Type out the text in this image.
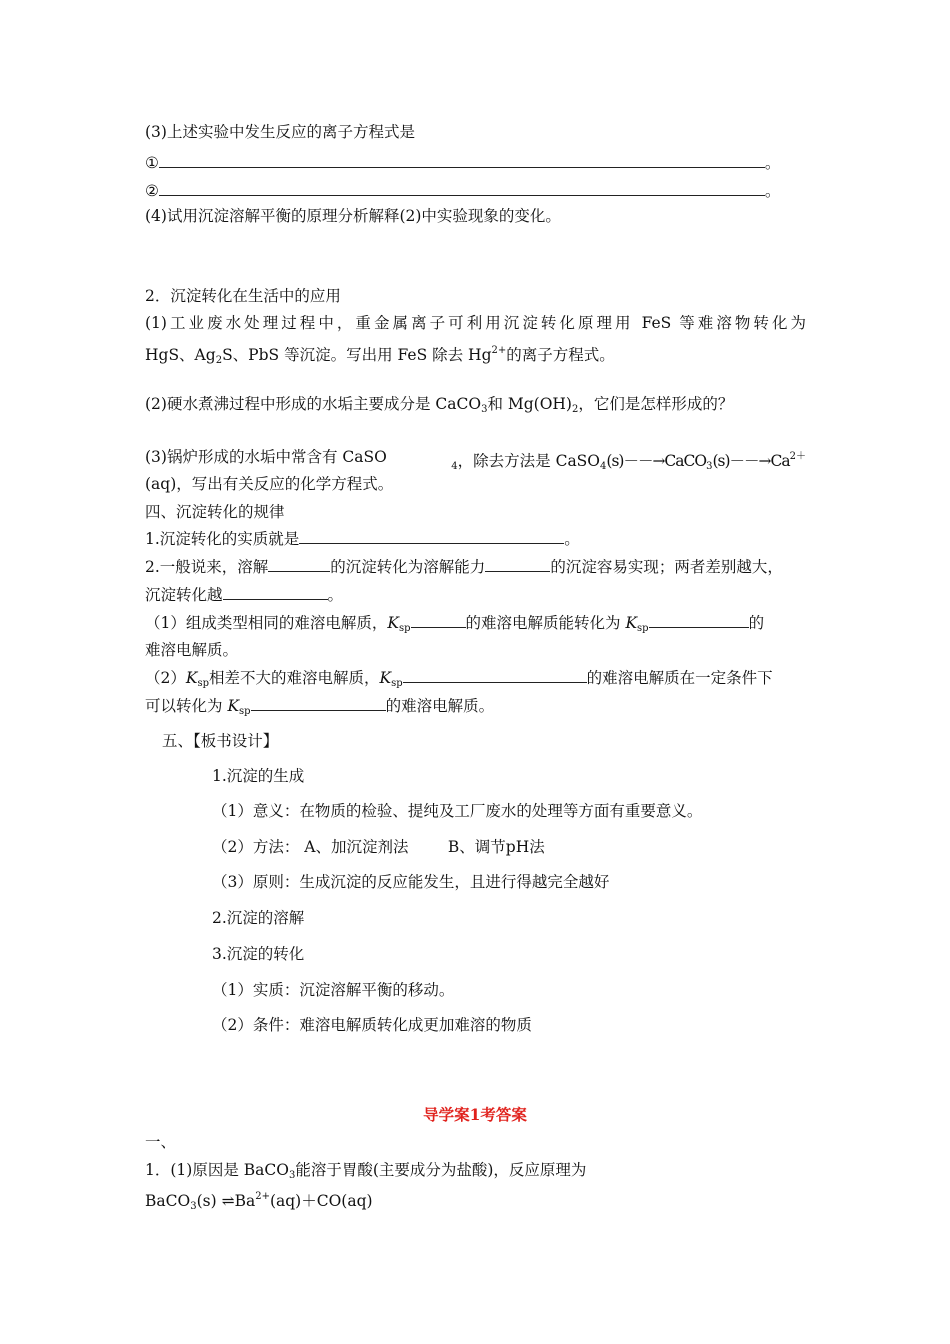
(3)上述实验中发生反应的离子方程式是
①	。
②	。
(4)试用沉淀溶解平衡的原理分析解释(2)中实验现象的变化。
2．沉淀转化在生活中的应用
(1)工业废水处理过程中，重金属离子可利用沉淀转化原理用 FeS 等难溶物转化为
HgS、$Ag_2S$、PbS 等沉淀。写出用 FeS 除去 $Hg^{2+}$的离子方程式。
(2)硬水煮沸过程中形成的水垢主要成分是 CaCO$_3$和 $Mg(OH)_2$，它们是怎样形成的？
(3)锅炉形成的水垢中常含有 CaSO
$_4$，除去方法是 $CaSO_4(s)--\to CaCO_3(s)--\to Ca^{2+}$
(aq)，写出有关反应的化学方程式。
四、沉淀转化的规律
1.沉淀转化的实质就是	。
2.一般说来，溶解	的沉淀转化为溶解能力	的沉淀容易实现；两者差别越大，
沉淀转化越	。
（1）组成类型相同的难溶电解质，$K_{sp}$	的难溶电解质能转化为 $K_{sp}$	的
难溶电解质。
$(2)K_{sp}$相差不大的难溶电解质，$K_{sp}$	的难溶电解质在一定条件下
可以转化为 $K_{sp}$	的难溶电解质。
五、【板书设计】
1.沉淀的生成
（1）意义：在物质的检验、提纯及工厂废水的处理等方面有重要意义。
（2）方法： A、加沉淀剂法        B、调节pH法
（3）原则：生成沉淀的反应能发生，且进行得越完全越好
2.沉淀的溶解
3.沉淀的转化
（1）实质：沉淀溶解平衡的移动。
（2）条件：难溶电解质转化成更加难溶的物质
导学案1考答案
一、
1．(1)原因是 BaCO$_3$能溶于胃酸(主要成分为盐酸)，反应原理为
BaCO$_3$(s) $\rightleftharpoons Ba^{2+}(aq)+CO(aq)$
